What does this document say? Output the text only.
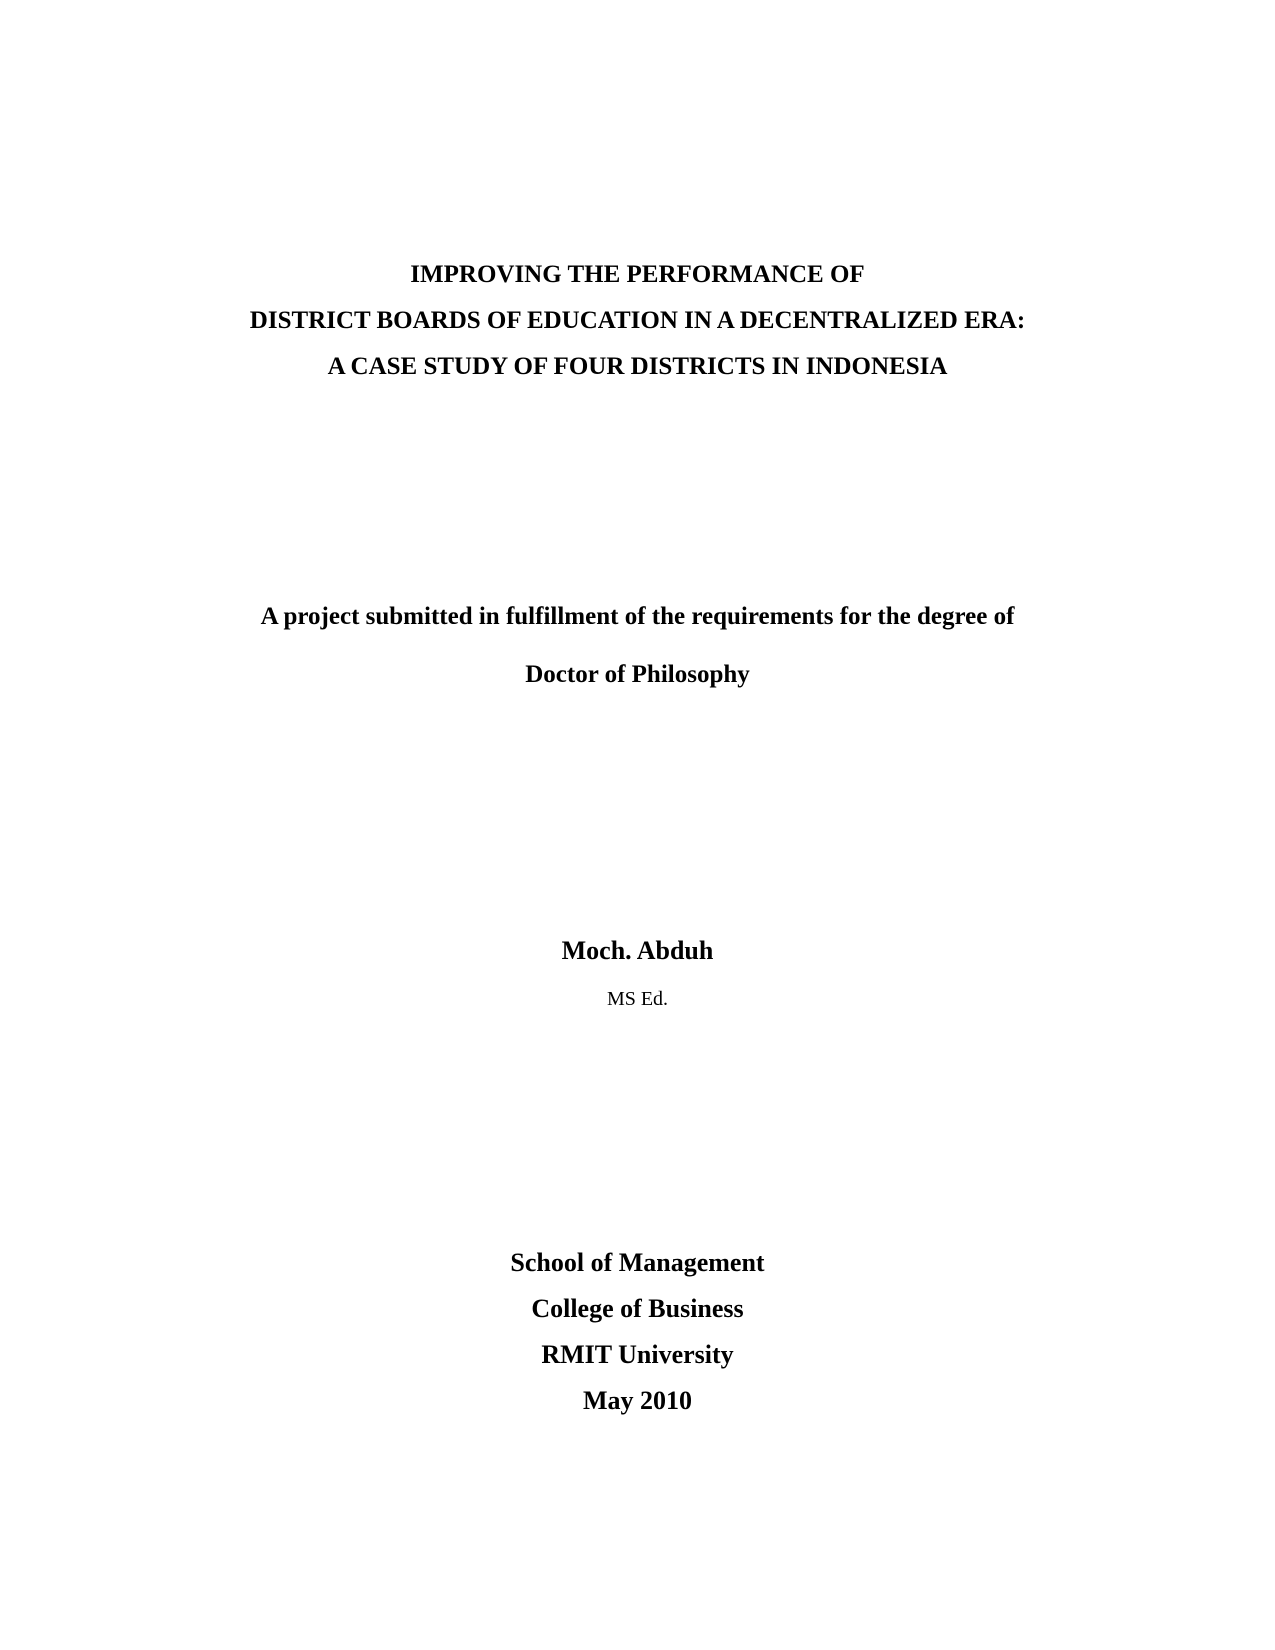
IMPROVING THE PERFORMANCE OF
DISTRICT BOARDS OF EDUCATION IN A DECENTRALIZED ERA:
A CASE STUDY OF FOUR DISTRICTS IN INDONESIA
A project submitted in fulfillment of the requirements for the degree of
Doctor of Philosophy
Moch. Abduh
MS Ed.
School of Management
College of Business
RMIT University
May 2010
